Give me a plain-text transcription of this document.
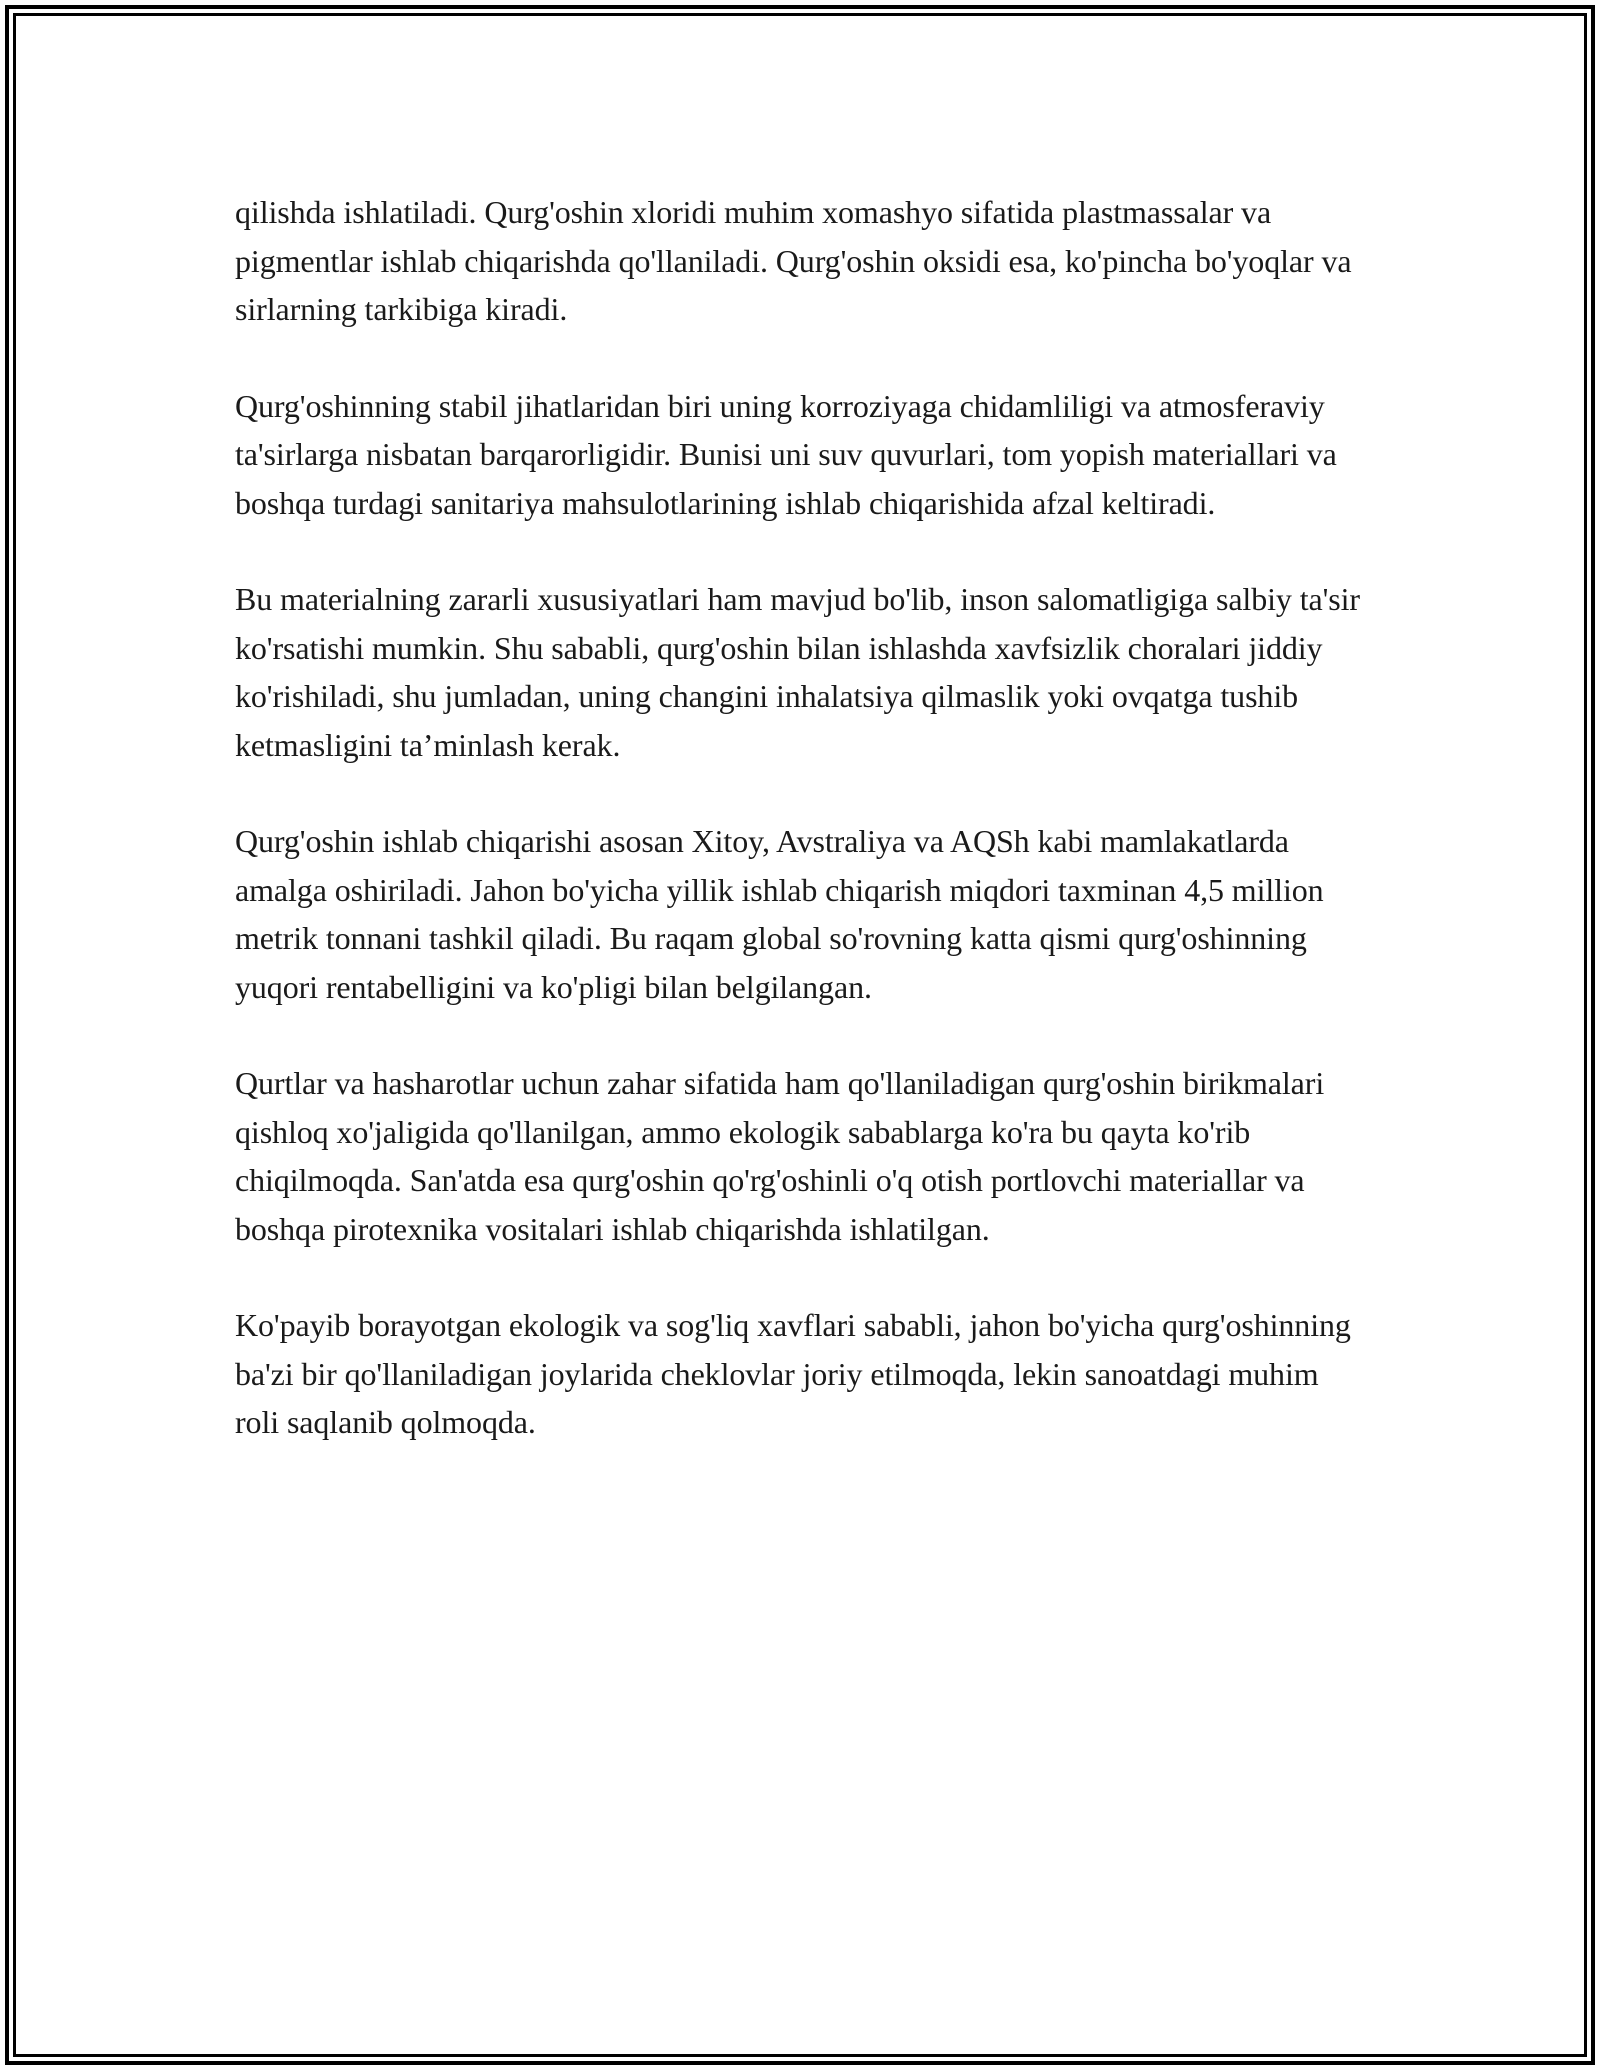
qilishda ishlatiladi. Qurg'oshin xloridi muhim xomashyo sifatida plastmassalar va pigmentlar ishlab chiqarishda qo'llaniladi. Qurg'oshin oksidi esa, ko'pincha bo'yoqlar va sirlarning tarkibiga kiradi.

Qurg'oshinning stabil jihatlaridan biri uning korroziyaga chidamliligi va atmosferaviy ta'sirlarga nisbatan barqarorligidir. Bunisi uni suv quvurlari, tom yopish materiallari va boshqa turdagi sanitariya mahsulotlarining ishlab chiqarishida afzal keltiradi.

Bu materialning zararli xususiyatlari ham mavjud bo'lib, inson salomatligiga salbiy ta'sir ko'rsatishi mumkin. Shu sababli, qurg'oshin bilan ishlashda xavfsizlik choralari jiddiy ko'rishiladi, shu jumladan, uning changini inhalatsiya qilmaslik yoki ovqatga tushib ketmasligini ta’minlash kerak.

Qurg'oshin ishlab chiqarishi asosan Xitoy, Avstraliya va AQSh kabi mamlakatlarda amalga oshiriladi. Jahon bo'yicha yillik ishlab chiqarish miqdori taxminan 4,5 million metrik tonnani tashkil qiladi. Bu raqam global so'rovning katta qismi qurg'oshinning yuqori rentabelligini va ko'pligi bilan belgilangan.

Qurtlar va hasharotlar uchun zahar sifatida ham qo'llaniladigan qurg'oshin birikmalari qishloq xo'jaligida qo'llanilgan, ammo ekologik sabablarga ko'ra bu qayta ko'rib chiqilmoqda. San'atda esa qurg'oshin qo'rg'oshinli o'q otish portlovchi materiallar va boshqa pirotexnika vositalari ishlab chiqarishda ishlatilgan.

Ko'payib borayotgan ekologik va sog'liq xavflari sababli, jahon bo'yicha qurg'oshinning ba'zi bir qo'llaniladigan joylarida cheklovlar joriy etilmoqda, lekin sanoatdagi muhim roli saqlanib qolmoqda.
